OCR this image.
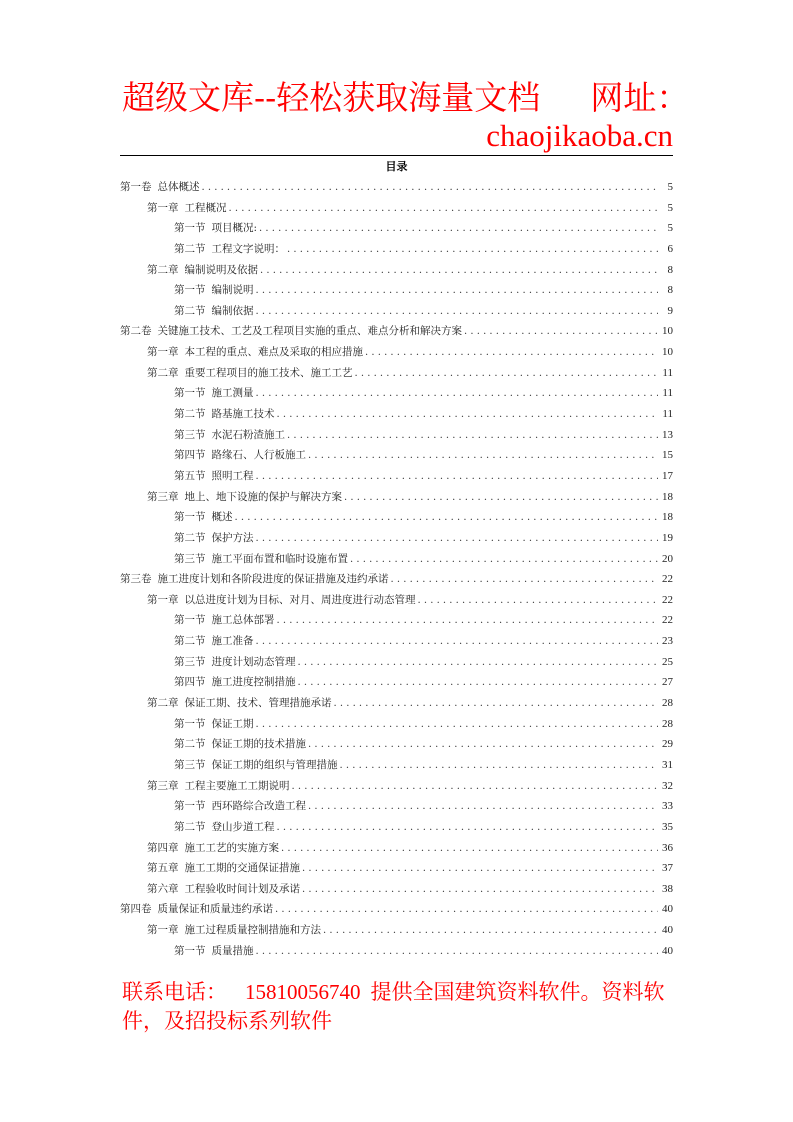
超级文库--轻松获取海量文档 网址：
chaojikaoba.cn
目录
第一卷 总体概述 . . .	5
第一章 工程概况 . . .	5
第一节 项目概况: . . .	5
第二节 工程文字说明： . . .	6
第二章 编制说明及依据 . . .	8
第一节 编制说明 . . .	8
第二节 编制依据 . . .	9
第二卷 关键施工技术、工艺及工程项目实施的重点、难点分析和解决方案 . . .	10
第一章 本工程的重点、难点及采取的相应措施 . . .	10
第二章 重要工程项目的施工技术、施工工艺 . . .	11
第一节 施工测量 . . .	11
第二节 路基施工技术 . . .	11
第三节 水泥石粉渣施工 . . .	13
第四节 路缘石、人行板施工 . . .	15
第五节 照明工程 . . .	17
第三章 地上、地下设施的保护与解决方案 . . .	18
第一节 概述 . . .	18
第二节 保护方法 . . .	19
第三节 施工平面布置和临时设施布置 . . .	20
第三卷 施工进度计划和各阶段进度的保证措施及违约承诺 . . .	22
第一章 以总进度计划为目标、对月、周进度进行动态管理 . . .	22
第一节 施工总体部署 . . .	22
第二节 施工准备 . . .	23
第三节 进度计划动态管理 . . .	25
第四节 施工进度控制措施 . . .	27
第二章 保证工期、技术、管理措施承诺 . . .	28
第一节 保证工期 . . .	28
第二节 保证工期的技术措施 . . .	29
第三节 保证工期的组织与管理措施 . . .	31
第三章 工程主要施工工期说明 . . .	32
第一节 西环路综合改造工程 . . .	33
第二节 登山步道工程 . . .	35
第四章 施工工艺的实施方案 . . .	36
第五章 施工工期的交通保证措施 . . .	37
第六章 工程验收时间计划及承诺 . . .	38
第四卷 质量保证和质量违约承诺 . . .	40
第一章 施工过程质量控制措施和方法 . . .	40
第一节 质量措施 . . .	40
联系电话： 15810056740 提供全国建筑资料软件。资料软件，及招投标系列软件
